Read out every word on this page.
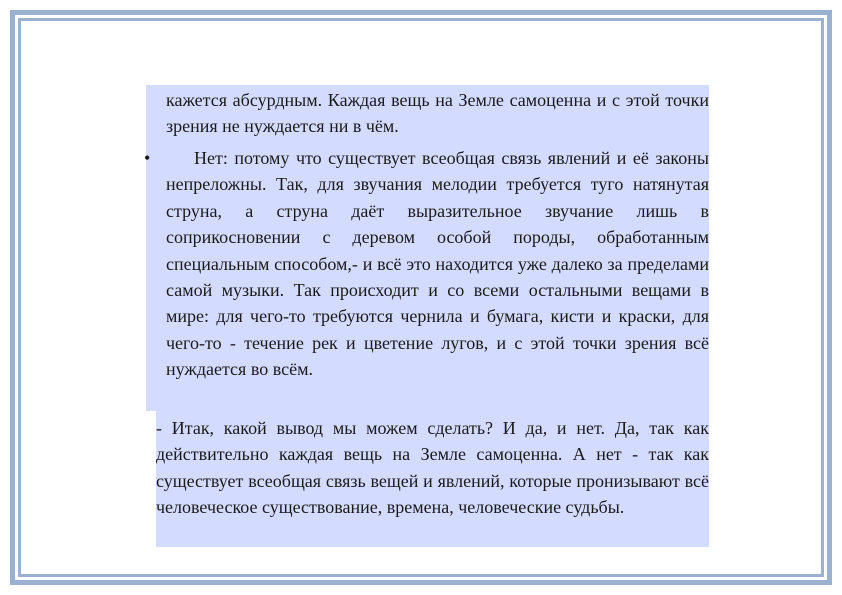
кажется абсурдным. Каждая вещь на Земле самоценна и с этой точки зрения не нуждается ни в чём.

•	Нет: потому что существует всеобщая связь явлений и её законы непреложны. Так, для звучания мелодии требуется туго натянутая струна, а струна даёт выразительное звучание лишь в соприкосновении с деревом особой породы, обработанным специальным способом,- и всё это находится уже далеко за пределами самой музыки. Так происходит и со всеми остальными вещами в мире: для чего-то требуются чернила и бумага, кисти и краски, для чего-то - течение рек и цветение лугов, и с этой точки зрения всё нуждается во всём.

- Итак, какой вывод мы можем сделать? И да, и нет. Да, так как действительно каждая вещь на Земле самоценна. А нет - так как существует всеобщая связь вещей и явлений, которые пронизывают всё человеческое существование, времена, человеческие судьбы.
